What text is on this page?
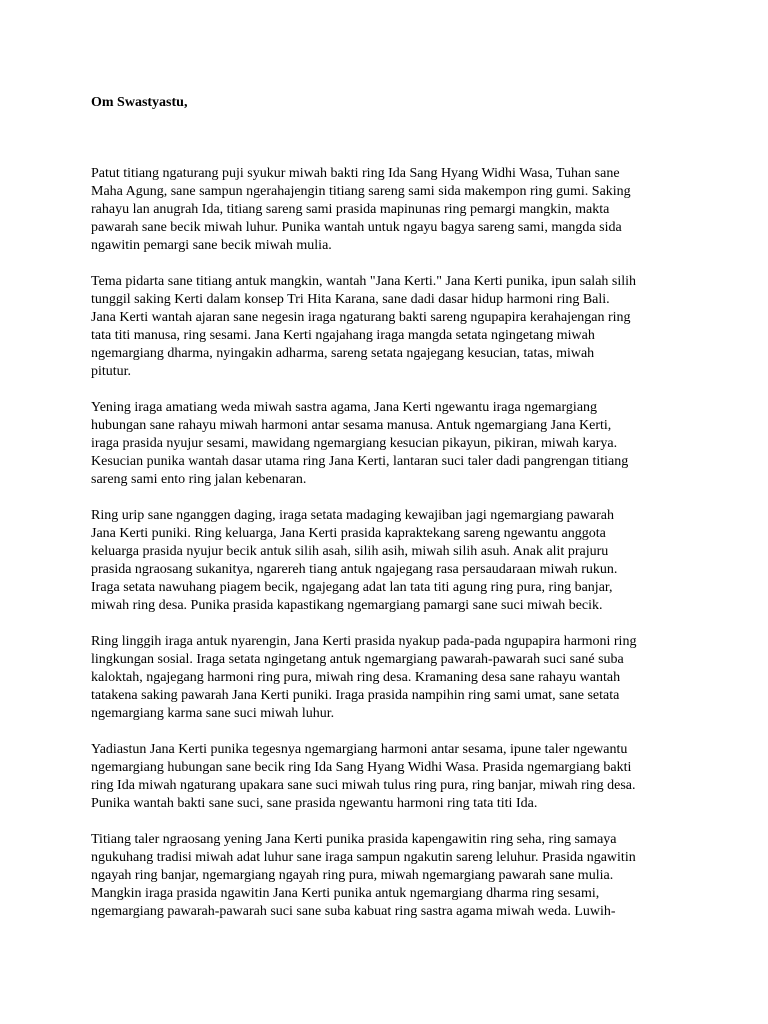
Om Swastyastu,

Patut titiang ngaturang puji syukur miwah bakti ring Ida Sang Hyang Widhi Wasa, Tuhan sane
Maha Agung, sane sampun ngerahajengin titiang sareng sami sida makempon ring gumi. Saking
rahayu lan anugrah Ida, titiang sareng sami prasida mapinunas ring pemargi mangkin, makta
pawarah sane becik miwah luhur. Punika wantah untuk ngayu bagya sareng sami, mangda sida
ngawitin pemargi sane becik miwah mulia.

Tema pidarta sane titiang antuk mangkin, wantah "Jana Kerti." Jana Kerti punika, ipun salah silih
tunggil saking Kerti dalam konsep Tri Hita Karana, sane dadi dasar hidup harmoni ring Bali.
Jana Kerti wantah ajaran sane negesin iraga ngaturang bakti sareng ngupapira kerahajengan ring
tata titi manusa, ring sesami. Jana Kerti ngajahang iraga mangda setata ngingetang miwah
ngemargiang dharma, nyingakin adharma, sareng setata ngajegang kesucian, tatas, miwah
pitutur.

Yening iraga amatiang weda miwah sastra agama, Jana Kerti ngewantu iraga ngemargiang
hubungan sane rahayu miwah harmoni antar sesama manusa. Antuk ngemargiang Jana Kerti,
iraga prasida nyujur sesami, mawidang ngemargiang kesucian pikayun, pikiran, miwah karya.
Kesucian punika wantah dasar utama ring Jana Kerti, lantaran suci taler dadi pangrengan titiang
sareng sami ento ring jalan kebenaran.

Ring urip sane nganggen daging, iraga setata madaging kewajiban jagi ngemargiang pawarah
Jana Kerti puniki. Ring keluarga, Jana Kerti prasida kapraktekang sareng ngewantu anggota
keluarga prasida nyujur becik antuk silih asah, silih asih, miwah silih asuh. Anak alit prajuru
prasida ngraosang sukanitya, ngarereh tiang antuk ngajegang rasa persaudaraan miwah rukun.
Iraga setata nawuhang piagem becik, ngajegang adat lan tata titi agung ring pura, ring banjar,
miwah ring desa. Punika prasida kapastikang ngemargiang pamargi sane suci miwah becik.

Ring linggih iraga antuk nyarengin, Jana Kerti prasida nyakup pada-pada ngupapira harmoni ring
lingkungan sosial. Iraga setata ngingetang antuk ngemargiang pawarah-pawarah suci sané suba
kaloktah, ngajegang harmoni ring pura, miwah ring desa. Kramaning desa sane rahayu wantah
tatakena saking pawarah Jana Kerti puniki. Iraga prasida nampihin ring sami umat, sane setata
ngemargiang karma sane suci miwah luhur.

Yadiastun Jana Kerti punika tegesnya ngemargiang harmoni antar sesama, ipune taler ngewantu
ngemargiang hubungan sane becik ring Ida Sang Hyang Widhi Wasa. Prasida ngemargiang bakti
ring Ida miwah ngaturang upakara sane suci miwah tulus ring pura, ring banjar, miwah ring desa.
Punika wantah bakti sane suci, sane prasida ngewantu harmoni ring tata titi Ida.

Titiang taler ngraosang yening Jana Kerti punika prasida kapengawitin ring seha, ring samaya
ngukuhang tradisi miwah adat luhur sane iraga sampun ngakutin sareng leluhur. Prasida ngawitin
ngayah ring banjar, ngemargiang ngayah ring pura, miwah ngemargiang pawarah sane mulia.
Mangkin iraga prasida ngawitin Jana Kerti punika antuk ngemargiang dharma ring sesami,
ngemargiang pawarah-pawarah suci sane suba kabuat ring sastra agama miwah weda. Luwih-
